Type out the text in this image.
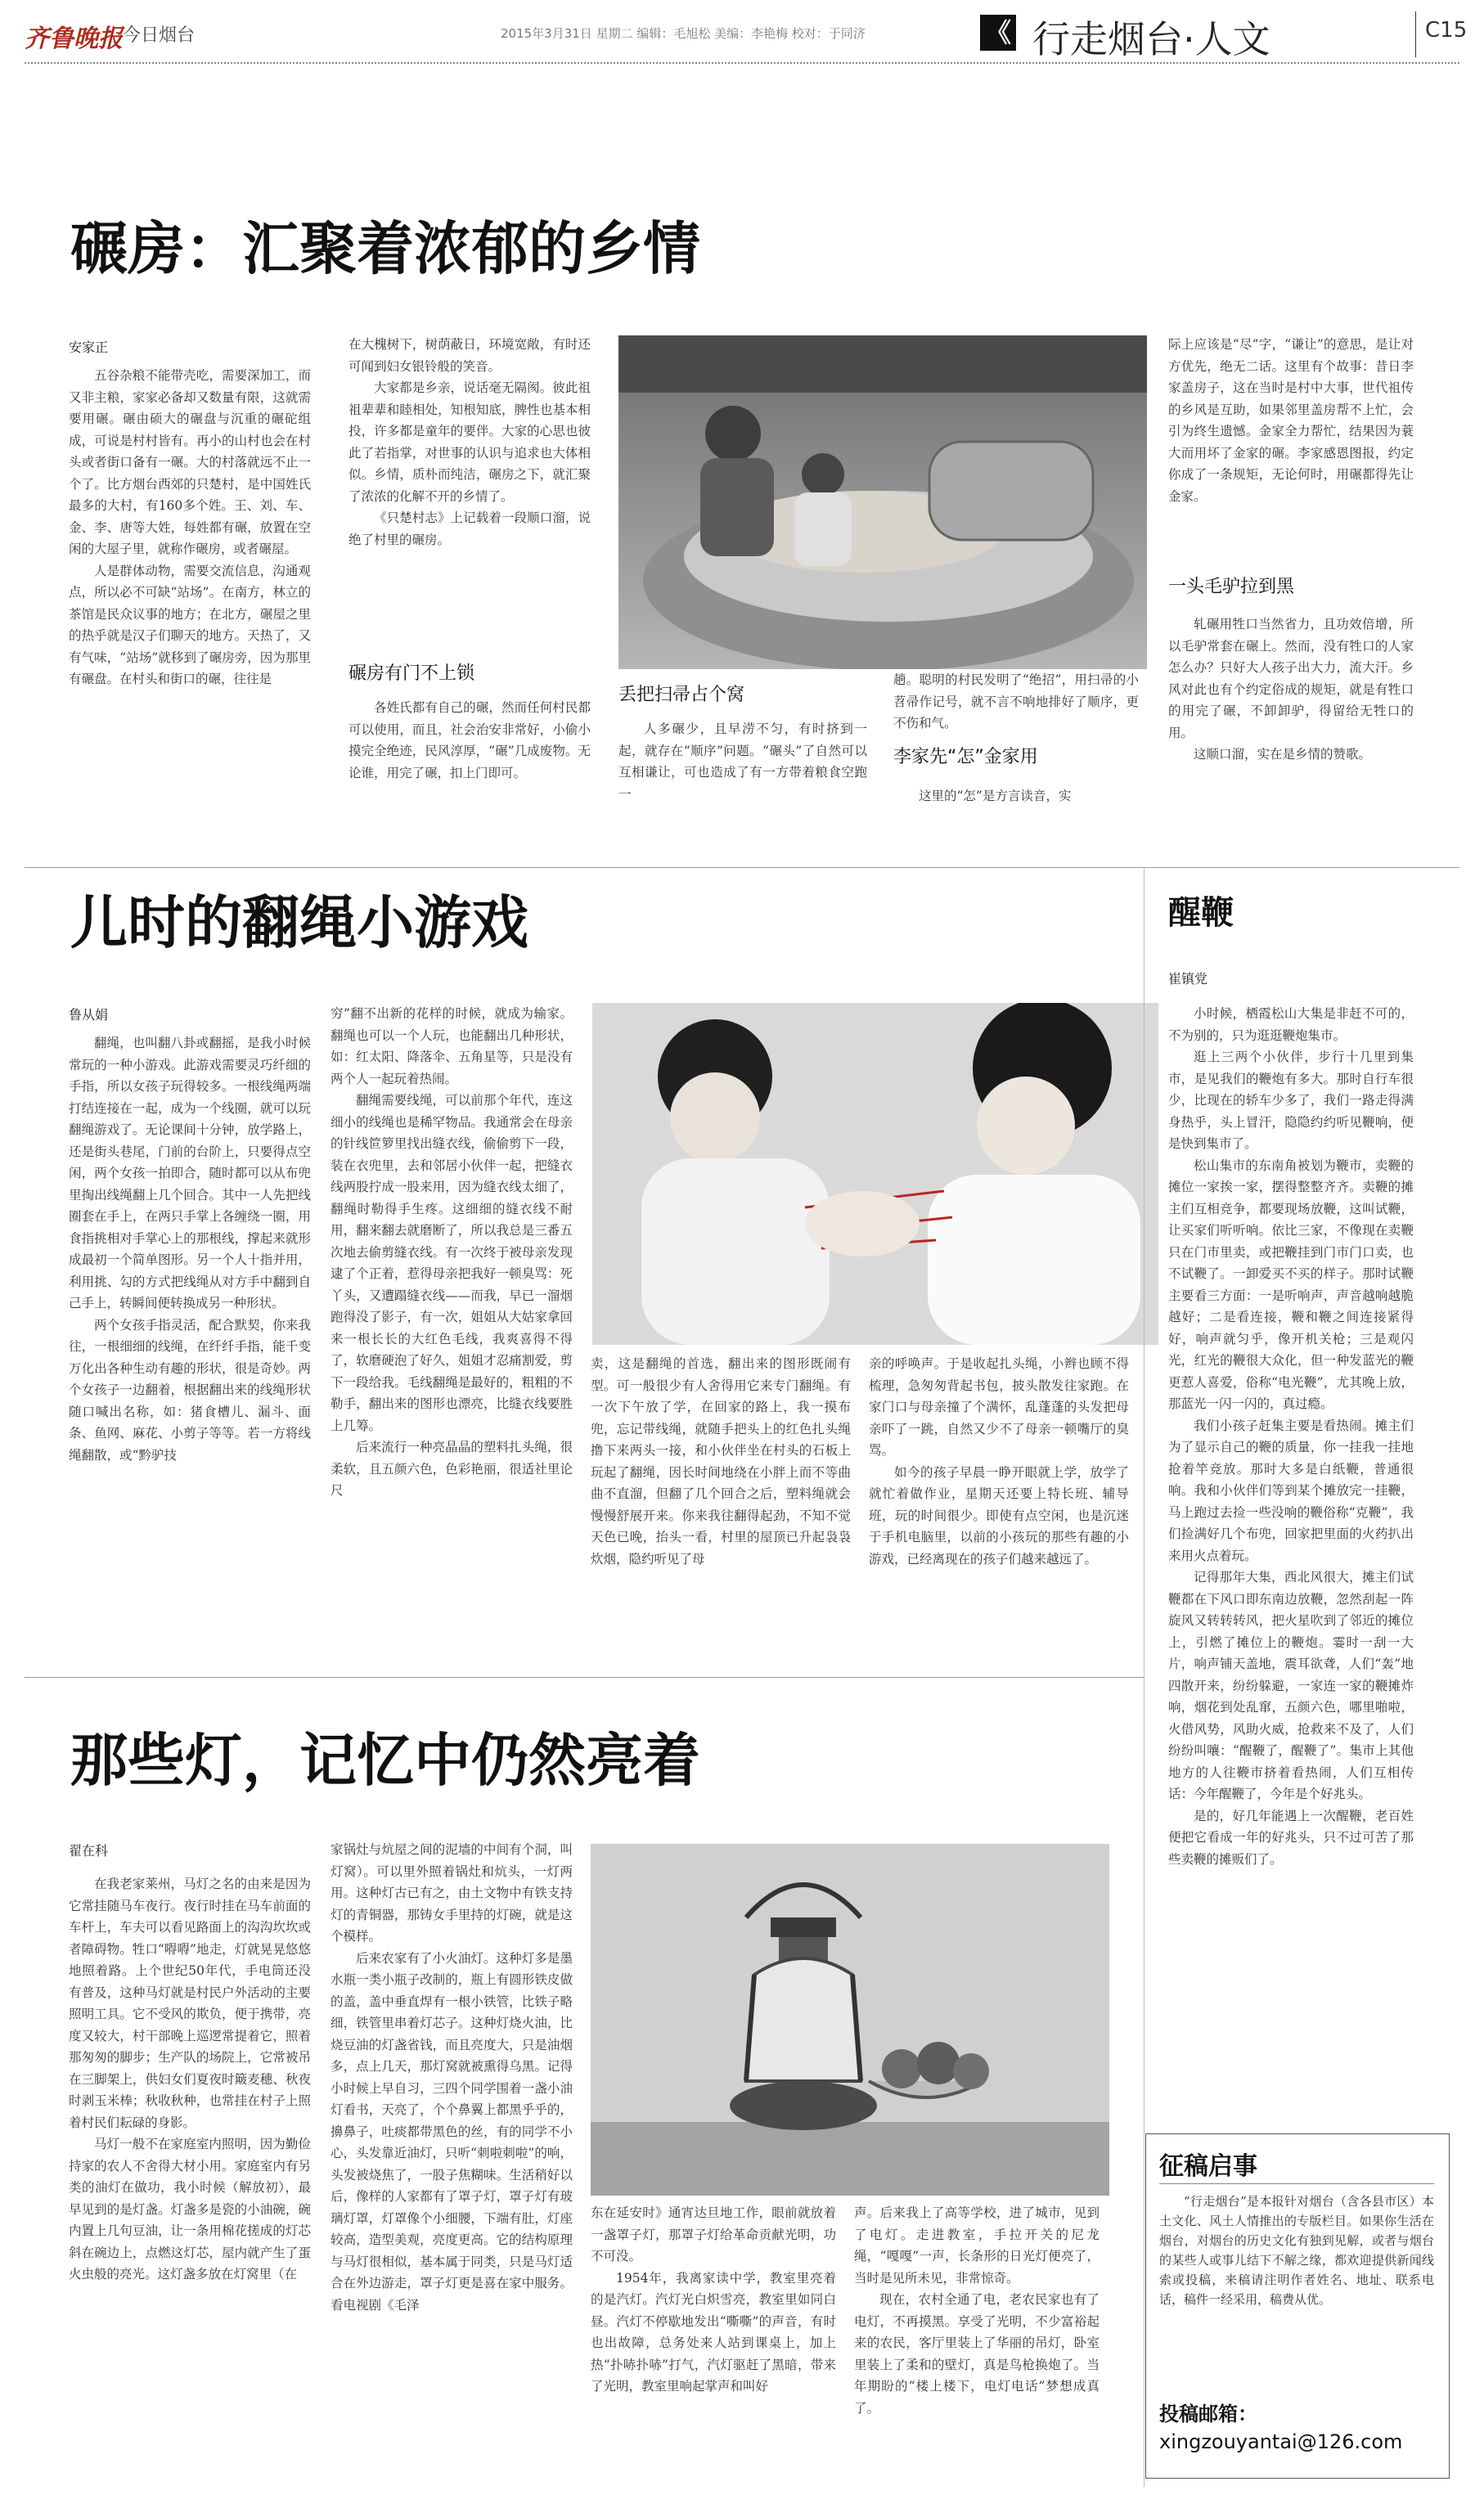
齐鲁晚报 今日烟台	2015年3月31日 星期二 编辑：毛旭松 美编：李艳梅 校对：于同济	《 行走烟台·人文	C15
碾房：汇聚着浓郁的乡情
安家正

五谷杂粮不能带壳吃，需要深加工，而又非主粮，家家必备却又数量有限，这就需要用碾。碾由硕大的碾盘与沉重的碾砣组成，可说是村村皆有。再小的山村也会在村头或者街口备有一碾。大的村落就远不止一个了。比方烟台西郊的只楚村，是中国姓氏最多的大村，有160多个姓。王、刘、车、金、李、唐等大姓，每姓都有碾，放置在空闲的大屋子里，就称作碾房，或者碾屋。

人是群体动物，需要交流信息，沟通观点，所以必不可缺“站场”。在南方，林立的茶馆是民众议事的地方；在北方，碾屋之里的热乎就是汉子们聊天的地方。天热了，又有气味，“站场”就移到了碾房旁，因为那里有碾盘。在村头和街口的碾，往往是

在大槐树下，树荫蔽日，环境宽敞，有时还可闻到妇女银铃般的笑音。

大家都是乡亲，说话毫无隔阂。彼此祖祖辈辈和睦相处，知根知底，脾性也基本相投，许多都是童年的要伴。大家的心思也彼此了若指掌，对世事的认识与追求也大体相似。乡情，质朴而纯洁，碾房之下，就汇聚了浓浓的化解不开的乡情了。

《只楚村志》上记载着一段顺口溜，说绝了村里的碾房。

碾房有门不上锁

各姓氏都有自己的碾，然而任何村民都可以使用，而且，社会治安非常好，小偷小摸完全绝迹，民风淳厚，“碾”几成废物。无论谁，用完了碾，扣上门即可。

丢把扫帚占个窝

人多碾少，且早涝不匀，有时挤到一起，就存在“顺序”问题。“碾头”了自然可以互相谦让，可也造成了有一方带着粮食空跑一

趟。聪明的村民发明了“绝招”，用扫帚的小苕帚作记号，就不言不响地排好了顺序，更不伤和气。

李家先“怎”金家用

这里的“怎”是方言读音，实

际上应该是“尽”字，“谦让”的意思，是让对方优先，绝无二话。这里有个故事：昔日李家盖房子，这在当时是村中大事，世代祖传的乡风是互助，如果邻里盖房帮不上忙，会引为终生遗憾。金家全力帮忙，结果因为蓑大而用坏了金家的碾。李家感恩图报，约定你成了一条规矩，无论何时，用碾都得先让金家。

一头毛驴拉到黑

轧碾用牲口当然省力，且功效倍增，所以毛驴常套在碾上。然而，没有牲口的人家怎么办？只好大人孩子出大力，流大汗。乡风对此也有个约定俗成的规矩，就是有牲口的用完了碾，不卸卸驴，得留给无牲口的用。

这顺口溜，实在是乡情的赞歌。

儿时的翻绳小游戏
鲁从娟

翻绳，也叫翻八卦或翻摇，是我小时候常玩的一种小游戏。此游戏需要灵巧纤细的手指，所以女孩子玩得较多。一根线绳两端打结连接在一起，成为一个线圈，就可以玩翻绳游戏了。无论课间十分钟，放学路上，还是街头巷尾，门前的台阶上，只要得点空闲，两个女孩一拍即合，随时都可以从布兜里掏出线绳翻上几个回合。其中一人先把线圈套在手上，在两只手掌上各缠绕一圈，用食指挑相对手掌心上的那根线，撑起来就形成最初一个简单图形。另一个人十指并用，利用挑、勾的方式把线绳从对方手中翻到自己手上，转瞬间便转换成另一种形状。

两个女孩手指灵活，配合默契，你来我往，一根细细的线绳，在纤纤手指，能千变万化出各种生动有趣的形状，很是奇妙。两个女孩子一边翻着，根据翻出来的线绳形状随口喊出名称，如：猪食槽儿、漏斗、面条、鱼网、麻花、小剪子等等。若一方将线绳翻散，或“黔驴技

穷”翻不出新的花样的时候，就成为输家。翻绳也可以一个人玩，也能翻出几种形状，如：红太阳、降落伞、五角星等，只是没有两个人一起玩着热闹。

翻绳需要线绳，可以前那个年代，连这细小的线绳也是稀罕物品。我通常会在母亲的针线笸箩里找出缝衣线，偷偷剪下一段，装在衣兜里，去和邻居小伙伴一起，把缝衣线两股拧成一股来用，因为缝衣线太细了，翻绳时勒得手生疼。这细细的缝衣线不耐用，翻来翻去就磨断了，所以我总是三番五次地去偷剪缝衣线。有一次终于被母亲发现逮了个正着，惹得母亲把我好一顿臭骂：死丫头，又遭蹋缝衣线——而我，早已一溜烟跑得没了影子，有一次，姐姐从大姑家拿回来一根长长的大红色毛线，我爽喜得不得了，软磨硬泡了好久，姐姐才忍痛割爱，剪下一段给我。毛线翻绳是最好的，粗粗的不勒手，翻出来的图形也漂亮，比缝衣线要胜上几筹。

后来流行一种亮晶晶的塑料扎头绳，很柔软，且五颜六色，色彩艳丽，很适社里论尺

卖，这是翻绳的首选，翻出来的图形既闹有型。可一般很少有人舍得用它来专门翻绳。有一次下午放了学，在回家的路上，我一摸布兜，忘记带线绳，就随手把头上的红色扎头绳撸下来两头一接，和小伙伴坐在村头的石板上玩起了翻绳，因长时间地绕在小胖上而不等曲曲不直溜，但翻了几个回合之后，塑料绳就会慢慢舒展开来。你来我往翻得起劲，不知不觉天色已晚，抬头一看，村里的屋顶已升起袅袅炊烟，隐约听见了母

亲的呼唤声。于是收起扎头绳，小辫也顾不得梳理，急匆匆背起书包，披头散发往家跑。在家门口与母亲撞了个满怀，乱蓬蓬的头发把母亲吓了一跳，自然又少不了母亲一顿嘴厅的臭骂。

如今的孩子早晨一睁开眼就上学，放学了就忙着做作业，星期天还要上特长班、辅导班，玩的时间很少。即使有点空闲，也是沉迷于手机电脑里，以前的小孩玩的那些有趣的小游戏，已经离现在的孩子们越来越远了。

那些灯，记忆中仍然亮着
翟在科

在我老家莱州，马灯之名的由来是因为它常挂随马车夜行。夜行时挂在马车前面的车杆上，车夫可以看见路面上的沟沟坎坎或者障碍物。牲口“嘚嘚”地走，灯就晃晃悠悠地照着路。上个世纪50年代，手电筒还没有普及，这种马灯就是村民户外活动的主要照明工具。它不受风的欺负，便于携带，亮度又较大，村干部晚上巡逻常提着它，照着那匆匆的脚步；生产队的场院上，它常被吊在三脚架上，供妇女们夏夜时簸麦穗、秋夜时剥玉米棒；秋收秋种，也常挂在村子上照着村民们耘碌的身影。

马灯一般不在家庭室内照明，因为勤俭持家的农人不舍得大材小用。家庭室内有另类的油灯在做功，我小时候（解放初），最早见到的是灯盏。灯盏多是瓷的小油碗，碗内置上几句豆油，让一条用棉花搓成的灯芯斜在碗边上，点燃这灯芯，屋内就产生了蛋火虫般的亮光。这灯盏多放在灯窝里（在

家锅灶与炕屋之间的泥墙的中间有个洞，叫灯窝）。可以里外照着锅灶和炕头，一灯两用。这种灯古已有之，由土文物中有铁支持灯的青铜器，那铸女手里持的灯碗，就是这个模样。

后来农家有了小火油灯。这种灯多是墨水瓶一类小瓶子改制的，瓶上有圆形铁皮做的盖，盖中垂直焊有一根小铁管，比铁子略细，铁管里串着灯芯子。这种灯烧火油，比烧豆油的灯盏省钱，而且亮度大，只是油烟多，点上几天，那灯窝就被熏得乌黑。记得小时候上早自习，三四个同学围着一盏小油灯看书，天亮了，个个鼻翼上都黑乎乎的，擤鼻子，吐痰都带黑色的丝，有的同学不小心，头发靠近油灯，只听“刺啦刺啦”的响，头发被烧焦了，一股子焦糊味。生活稍好以后，像样的人家都有了罩子灯，罩子灯有玻璃灯罩，灯罩像个小细腰，下端有肚，灯座较高，造型美观，亮度更高。它的结构原理与马灯很相似，基本属于同类，只是马灯适合在外边游走，罩子灯更是喜在家中服务。看电视剧《毛泽

东在延安时》通宵达旦地工作，眼前就放着一盏罩子灯，那罩子灯给革命贡献光明，功不可没。

1954年，我离家读中学，教室里亮着的是汽灯。汽灯光白炽雪亮，教室里如同白昼。汽灯不停歇地发出“嘶嘶”的声音，有时也出故障，总务处来人站到课桌上，加上热“扑哧扑哧”打气，汽灯驱赶了黑暗，带来了光明，教室里响起掌声和叫好

声。后来我上了高等学校，进了城市，见到了电灯。走进教室，手拉开关的尼龙绳，“嘎嘎”一声，长条形的日光灯便亮了，当时是见所未见，非常惊奇。

现在，农村全通了电，老农民家也有了电灯，不再摸黑。享受了光明，不少富裕起来的农民，客厅里装上了华丽的吊灯，卧室里装上了柔和的壁灯，真是鸟枪换炮了。当年期盼的“楼上楼下，电灯电话”梦想成真了。

醒鞭
崔镇党

小时候，栖霞松山大集是非赶不可的，不为别的，只为逛逛鞭炮集市。

逛上三两个小伙伴，步行十几里到集市，是见我们的鞭炮有多大。那时自行车很少，比现在的轿车少多了，我们一路走得满身热乎，头上冒汗，隐隐约约听见鞭响，便是快到集市了。

松山集市的东南角被划为鞭市，卖鞭的摊位一家挨一家，摆得整整齐齐。卖鞭的摊主们互相竞争，都要现场放鞭，这叫试鞭，让买家们听听响。依比三家，不像现在卖鞭只在门市里卖，或把鞭挂到门市门口卖，也不试鞭了。一卸爱买不买的样子。那时试鞭主要看三方面：一是听响声，声音越响越脆越好；二是看连接，鞭和鞭之间连接紧得好，响声就匀乎，像开机关枪；三是观闪光，红光的鞭很大众化，但一种发蓝光的鞭更惹人喜爱，俗称“电光鞭”，尤其晚上放，那蓝光一闪一闪的，真过瘾。

我们小孩子赶集主要是看热闹。摊主们为了显示自己的鞭的质量，你一挂我一挂地抢着竿竞放。那时大多是白纸鞭，普通很响。我和小伙伴们等到某个摊放完一挂鞭，马上跑过去捡一些没响的鞭俗称“克鞭”，我们捡满好几个布兜，回家把里面的火药扒出来用火点着玩。

记得那年大集，西北风很大，摊主们试鞭都在下风口即东南边放鞭，忽然刮起一阵旋风又转转转风，把火星吹到了邻近的摊位上，引燃了摊位上的鞭炮。霎时一刮一大片，响声铺天盖地，震耳欲聋，人们“轰”地四散开来，纷纷躲避，一家连一家的鞭摊炸响，烟花到处乱窜，五颜六色，哪里啪啦，火借风势，风助火威，抢救来不及了，人们纷纷叫嚷：“醒鞭了，醒鞭了”。集市上其他地方的人往鞭市挤着看热闹，人们互相传话：今年醒鞭了，今年是个好兆头。

是的，好几年能遇上一次醒鞭，老百姓便把它看成一年的好兆头，只不过可苦了那些卖鞭的摊贩们了。

征稿启事

“行走烟台”是本报针对烟台（含各县市区）本土文化、风土人情推出的专版栏目。如果你生活在烟台，对烟台的历史文化有独到见解，或者与烟台的某些人或事儿结下不解之缘，都欢迎提供新闻线索或投稿，来稿请注明作者姓名、地址、联系电话，稿件一经采用，稿费从优。

投稿邮箱：
xingzouyantai@126.com
